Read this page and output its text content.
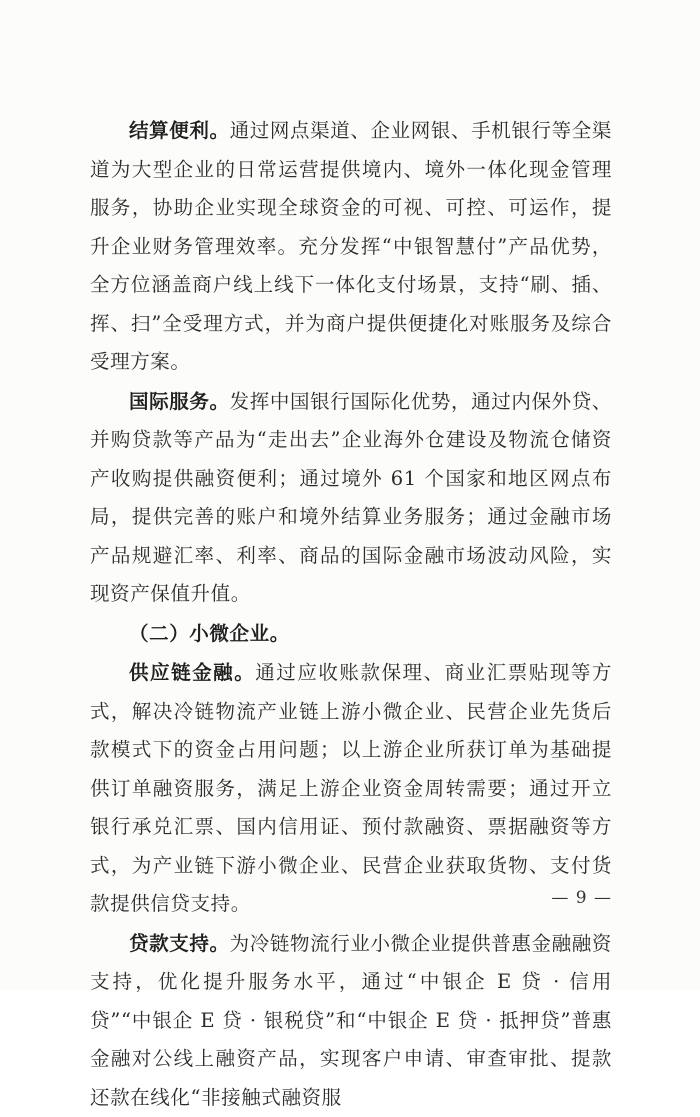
结算便利。通过网点渠道、企业网银、手机银行等全渠道为大型企业的日常运营提供境内、境外一体化现金管理服务，协助企业实现全球资金的可视、可控、可运作，提升企业财务管理效率。充分发挥“中银智慧付”产品优势，全方位涵盖商户线上线下一体化支付场景，支持“刷、插、挥、扫”全受理方式，并为商户提供便捷化对账服务及综合受理方案。

国际服务。发挥中国银行国际化优势，通过内保外贷、并购贷款等产品为“走出去”企业海外仓建设及物流仓储资产收购提供融资便利；通过境外 61 个国家和地区网点布局，提供完善的账户和境外结算业务服务；通过金融市场产品规避汇率、利率、商品的国际金融市场波动风险，实现资产保值升值。

（二）小微企业。

供应链金融。通过应收账款保理、商业汇票贴现等方式，解决冷链物流产业链上游小微企业、民营企业先货后款模式下的资金占用问题；以上游企业所获订单为基础提供订单融资服务，满足上游企业资金周转需要；通过开立银行承兑汇票、国内信用证、预付款融资、票据融资等方式，为产业链下游小微企业、民营企业获取货物、支付货款提供信贷支持。

贷款支持。为冷链物流行业小微企业提供普惠金融融资支持，优化提升服务水平，通过“中银企 E 贷 · 信用贷”“中银企 E 贷 · 银税贷”和“中银企 E 贷 · 抵押贷”普惠金融对公线上融资产品，实现客户申请、审查审批、提款还款在线化“非接触式融资服

— 9 —
